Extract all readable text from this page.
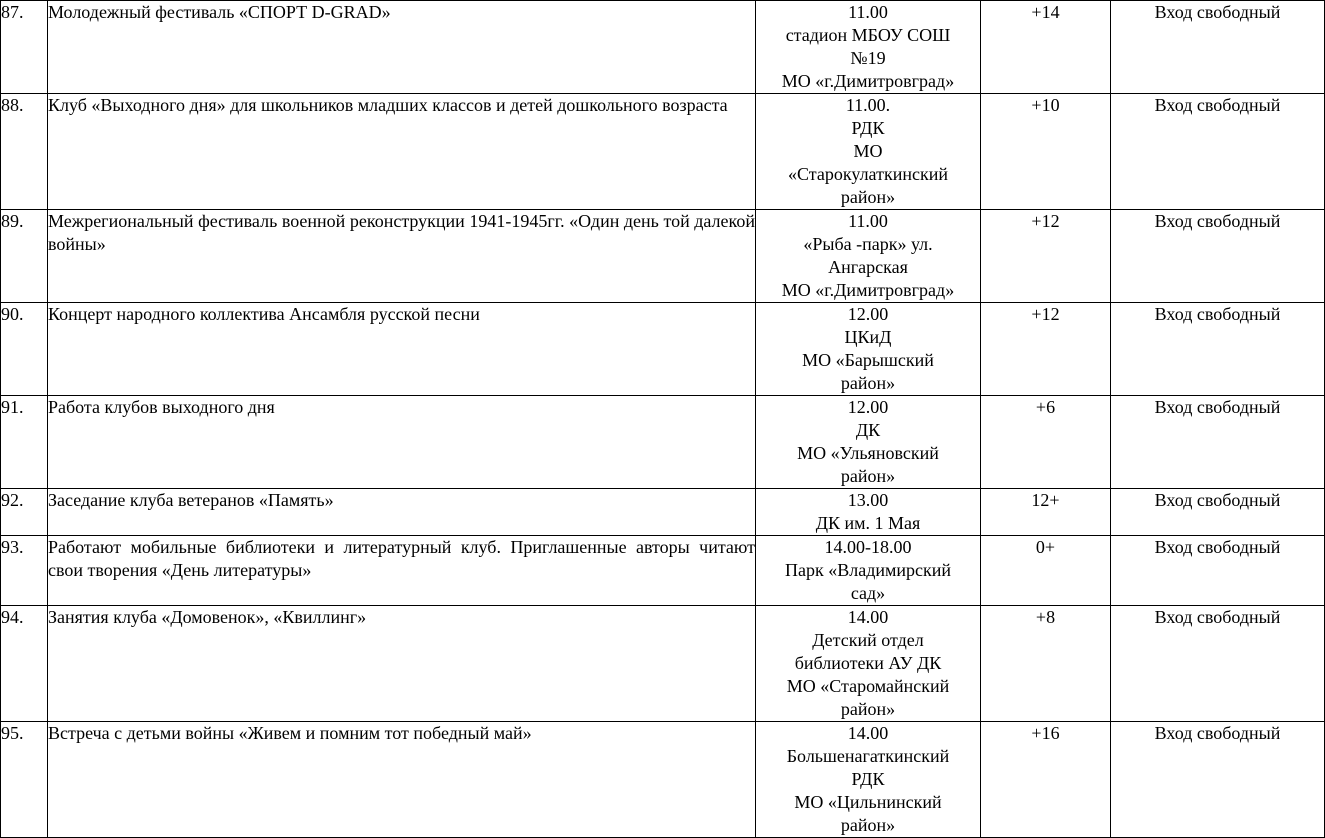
87.	Молодежный фестиваль «СПОРТ D-GRAD»	11.00
стадион МБОУ СОШ
№19
МО «г.Димитровград»	+14	Вход свободный
88.	Клуб «Выходного дня» для школьников младших классов и детей дошкольного возраста	11.00.
РДК
МО
«Старокулаткинский
район»	+10	Вход свободный
89.	Межрегиональный фестиваль военной реконструкции 1941-1945гг. «Один день той далекой войны»	11.00
«Рыба -парк» ул.
Ангарская
МО «г.Димитровград»	+12	Вход свободный
90.	Концерт народного коллектива Ансамбля русской песни	12.00
ЦКиД
МО «Барышский
район»	+12	Вход свободный
91.	Работа клубов выходного дня	12.00
ДК
МО «Ульяновский
район»	+6	Вход свободный
92.	Заседание клуба ветеранов «Память»	13.00
ДК им. 1 Мая	12+	Вход свободный
93.	Работают мобильные библиотеки и литературный клуб. Приглашенные авторы читают свои творения «День литературы»	14.00-18.00
Парк «Владимирский
сад»	0+	Вход свободный
94.	Занятия клуба «Домовенок», «Квиллинг»	14.00
Детский отдел
библиотеки АУ ДК
МО «Старомайнский
район»	+8	Вход свободный
95.	Встреча с детьми войны «Живем и помним тот победный май»	14.00
Большенагаткинский
РДК
МО «Цильнинский
район»	+16	Вход свободный
